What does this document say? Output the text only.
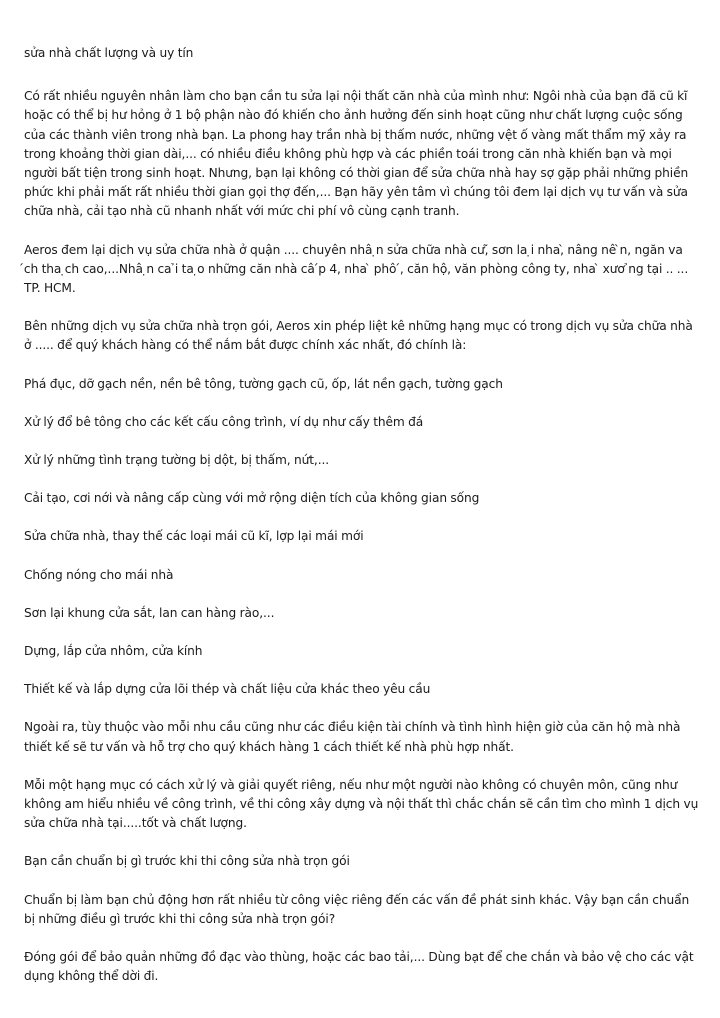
sửa nhà chất lượng và uy tín

Có rất nhiều nguyên nhân làm cho bạn cần tu sửa lại nội thất căn nhà của mình như: Ngôi nhà của bạn đã cũ kĩ hoặc có thể bị hư hỏng ở 1 bộ phận nào đó khiến cho ảnh hưởng đến sinh hoạt cũng như chất lượng cuộc sống của các thành viên trong nhà bạn. La phong hay trần nhà bị thấm nước, những vệt ố vàng mất thẩm mỹ xảy ra trong khoảng thời gian dài,... có nhiều điều không phù hợp và các phiền toái trong căn nhà khiến bạn và mọi người bất tiện trong sinh hoạt. Nhưng, bạn lại không có thời gian để sửa chữa nhà hay sợ gặp phải những phiền phức khi phải mất rất nhiều thời gian gọi thợ đến,... Bạn hãy yên tâm vì chúng tôi đem lại dịch vụ tư vấn và sửa chữa nhà, cải tạo nhà cũ nhanh nhất với mức chi phí vô cùng cạnh tranh.

Aeros đem lại dịch vụ sửa chữa nhà ở quận .... chuyên nhâ ̣n sửa chữa nhà cư,̃ sơn la ̣i nha,̀ nâng nê ̀n, ngăn va ́ch tha ̣ch cao,...Nhâ ̣n ca ̉i ta ̣o những căn nhà câ ́p 4, nha ̀ phô ́, căn hộ, văn phòng công ty, nha ̀ xươ ̉ng tại .. ... TP. HCM.

Bên những dịch vụ sửa chữa nhà trọn gói, Aeros xin phép liệt kê những hạng mục có trong dịch vụ sửa chữa nhà ở ..... để quý khách hàng có thể nắm bắt được chính xác nhất, đó chính là:

Phá đục, dỡ gạch nền, nền bê tông, tường gạch cũ, ốp, lát nền gạch, tường gạch

Xử lý đổ bê tông cho các kết cấu công trình, ví dụ như cấy thêm đá

Xử lý những tình trạng tường bị dột, bị thấm, nứt,...

Cải tạo, cơi nới và nâng cấp cùng với mở rộng diện tích của không gian sống

Sửa chữa nhà, thay thế các loại mái cũ kĩ, lợp lại mái mới

Chống nóng cho mái nhà

Sơn lại khung cửa sắt, lan can hàng rào,...

Dựng, lắp cửa nhôm, cửa kính

Thiết kế và lắp dựng cửa lõi thép và chất liệu cửa khác theo yêu cầu

Ngoài ra, tùy thuộc vào mỗi nhu cầu cũng như các điều kiện tài chính và tình hình hiện giờ của căn hộ mà nhà thiết kế sẽ tư vấn và hỗ trợ cho quý khách hàng 1 cách thiết kế nhà phù hợp nhất.

Mỗi một hạng mục có cách xử lý và giải quyết riêng, nếu như một người nào không có chuyên môn, cũng như không am hiểu nhiều về công trình, về thi công xây dựng và nội thất thì chắc chắn sẽ cần tìm cho mình 1 dịch vụ sửa chữa nhà tại.....tốt và chất lượng.

Bạn cần chuẩn bị gì trước khi thi công sửa nhà trọn gói

Chuẩn bị làm bạn chủ động hơn rất nhiều từ công việc riêng đến các vấn đề phát sinh khác. Vậy bạn cần chuẩn bị những điều gì trước khi thi công sửa nhà trọn gói?

Đóng gói để bảo quản những đồ đạc vào thùng, hoặc các bao tải,... Dùng bạt để che chắn và bảo vệ cho các vật dụng không thể dời đi.
